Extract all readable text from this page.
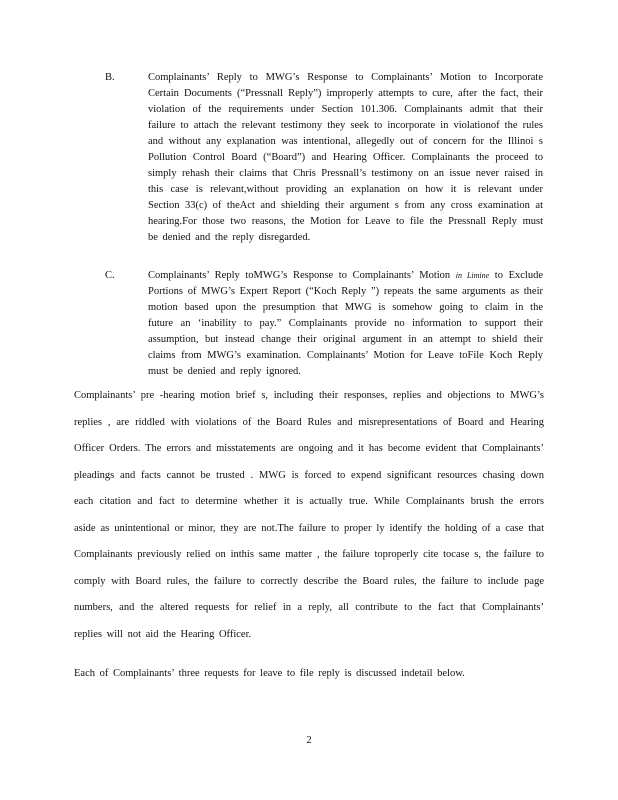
B.	Complainants’ Reply to MWG’s Response to Complainants’ Motion to Incorporate Certain Documents (“Pressnall Reply”) improperly attempts to cure, after the fact, their violation of the requirements under Section 101.306. Complainants admit that their failure to attach the relevant testimony they seek to incorporate in violationof the rules and without any explanation was intentional, allegedly out of concern for the Illinoi s Pollution Control Board (“Board”) and Hearing Officer. Complainants the proceed to simply rehash their claims that Chris Pressnall’s testimony on an issue never raised in this case is relevant,without providing an explanation on how it is relevant under Section 33(c) of theAct and shielding their argument s from any cross examination at hearing.For those two reasons, the Motion for Leave to file the Pressnall Reply must be denied and the reply disregarded.
C.	Complainants’ Reply toMWG’s Response to Complainants’ Motion in Limine to Exclude Portions of MWG’s Expert Report (“Koch Reply ”) repeats the same arguments as their motion based upon the presumption that MWG is somehow going to claim in the future an ‘inability to pay.” Complainants provide no information to support their assumption, but instead change their original argument in an attempt to shield their claims from MWG’s examination. Complainants’ Motion for Leave toFile Koch Reply must be denied and reply ignored.
Complainants’ pre -hearing motion brief s, including their responses, replies and objections to MWG’s replies , are riddled with violations of the Board Rules and misrepresentations of Board and Hearing Officer Orders. The errors and misstatements are ongoing and it has become evident that Complainants’ pleadings and facts cannot be trusted . MWG is forced to expend significant resources chasing down each citation and fact to determine whether it is actually true. While Complainants brush the errors aside as unintentional or minor, they are not.The failure to proper ly identify the holding of a case that Complainants previously relied on inthis same matter , the failure toproperly cite tocase s, the failure to comply with Board rules, the failure to correctly describe the Board rules, the failure to include page numbers, and the altered requests for relief in a reply, all contribute to the fact that Complainants’ replies will not aid the Hearing Officer.
Each of Complainants’ three requests for leave to file reply is discussed indetail below.
2
